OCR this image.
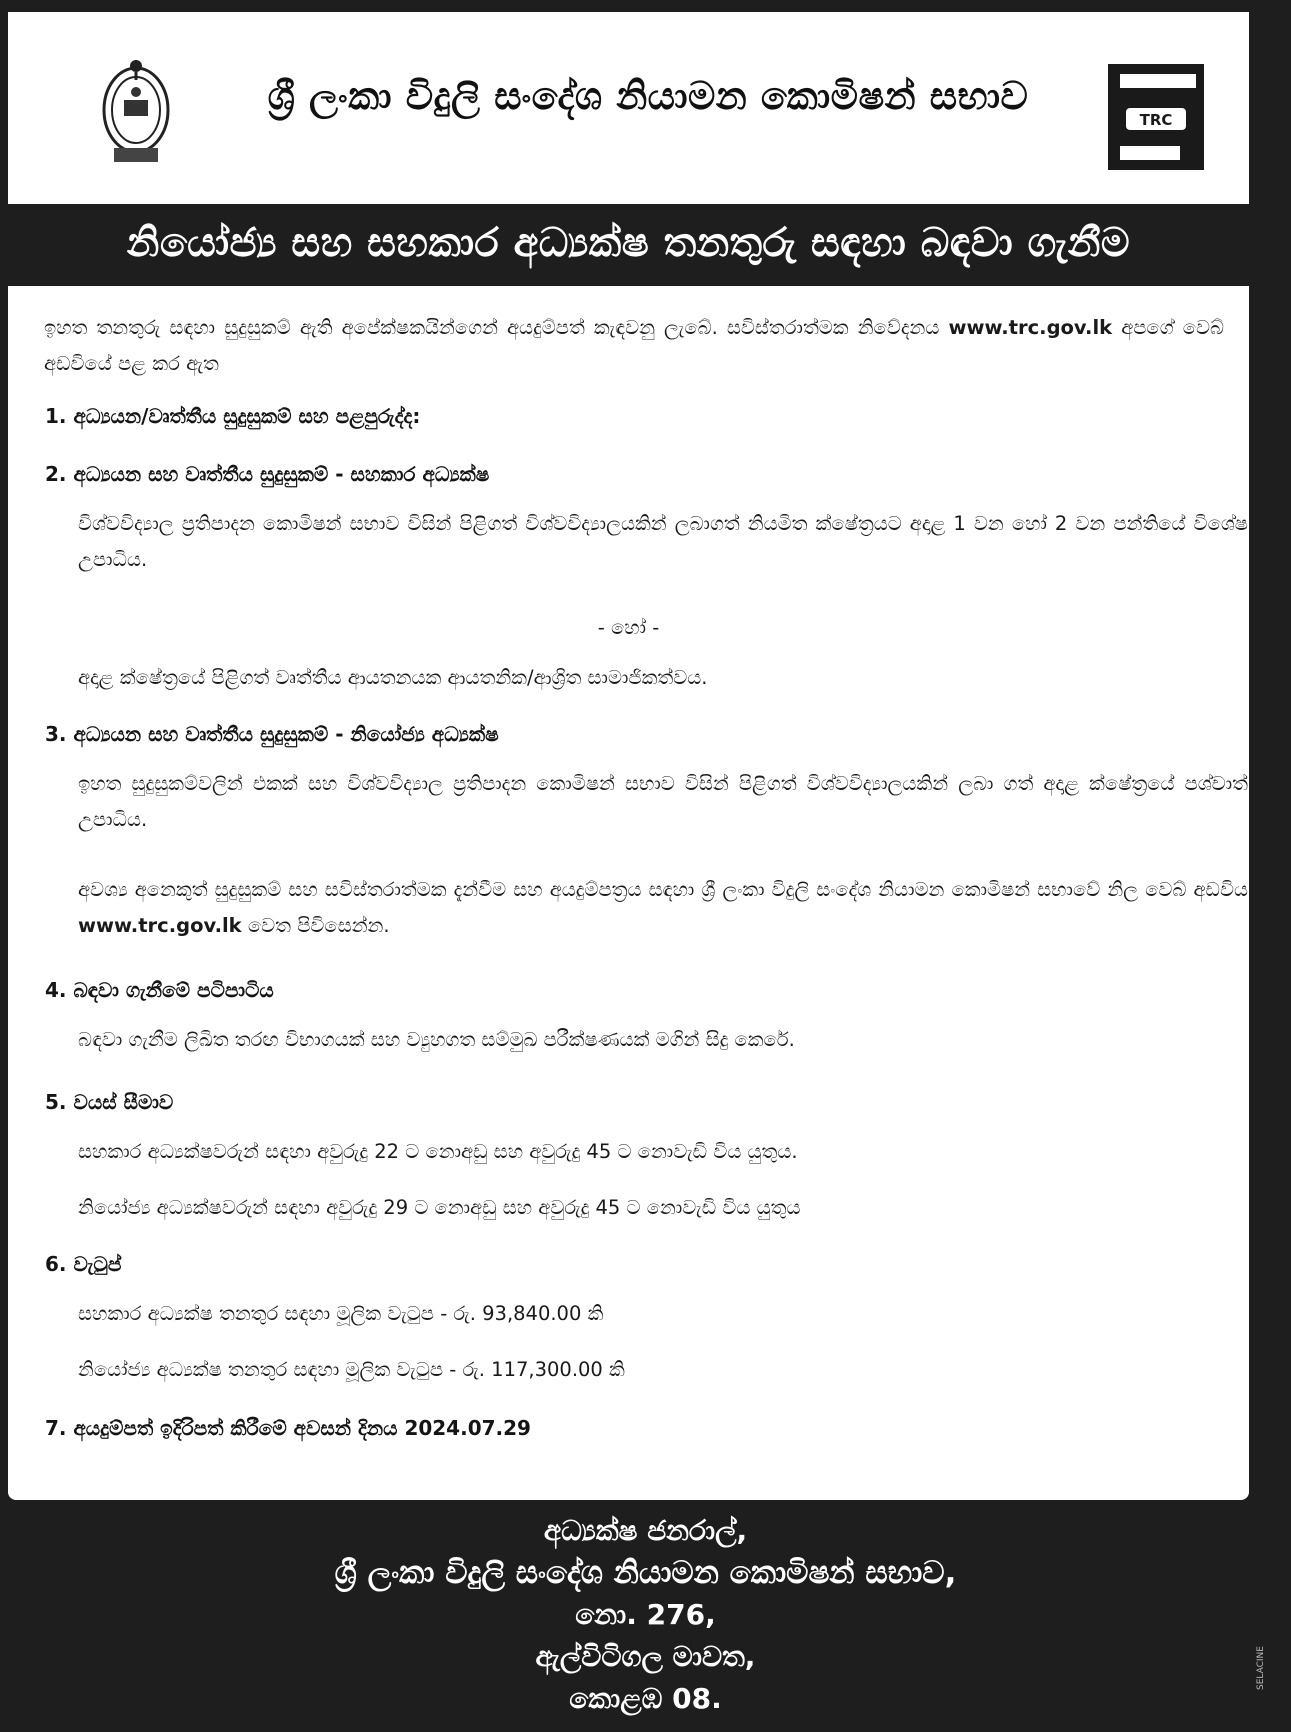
ශ්‍රී ලංකා විදුලි සංදේශ නියාමන කොමිෂන් සභාව
TRC
නියෝජ්‍ය සහ සහකාර අධ්‍යක්ෂ තනතුරු සඳහා බඳවා ගැනීම
ඉහත තනතුරු සඳහා සුදුසුකම් ඇති අපේක්ෂකයින්ගෙන් අයදුම්පත් කැඳවනු ලැබේ. සවිස්තරාත්මක නිවේදනය www.trc.gov.lk අපගේ වෙබ් අඩවියේ පළ කර ඇත
1. අධ්‍යයන/වෘත්තීය සුදුසුකම් සහ පළපුරුද්ද:
2. අධ්‍යයන සහ වෘත්තීය සුදුසුකම් - සහකාර අධ්‍යක්ෂ
විශ්වවිද්‍යාල ප්‍රතිපාදන කොමිෂන් සභාව විසින් පිළිගත් විශ්වවිද්‍යාලයකින් ලබාගත් නියමිත ක්ෂේත්‍රයට අදාළ 1 වන හෝ 2 වන පන්තියේ විශේෂ උපාධිය.
- හෝ -
අදාළ ක්ෂේත්‍රයේ පිළිගත් වෘත්තීය ආයතනයක ආයතනික/ආශ්‍රිත සාමාජිකත්වය.
3. අධ්‍යයන සහ වෘත්තීය සුදුසුකම් - නියෝජ්‍ය අධ්‍යක්ෂ
ඉහත සුදුසුකම්වලින් එකක් සහ විශ්වවිද්‍යාල ප්‍රතිපාදන කොමිෂන් සභාව විසින් පිළිගත් විශ්වවිද්‍යාලයකින් ලබා ගත් අදාළ ක්ෂේත්‍රයේ පශ්චාත් උපාධිය.
අවශ්‍ය අනෙකුත් සුදුසුකම් සහ සවිස්තරාත්මක දැන්වීම සහ අයදුම්පත්‍රය සඳහා ශ්‍රී ලංකා විදුලි සංදේශ නියාමන කොමිෂන් සභාවේ නිල වෙබ් අඩවිය www.trc.gov.lk වෙත පිවිසෙන්න.
4. බඳවා ගැනීමේ පටිපාටිය
බඳවා ගැනීම ලිඛිත තරඟ විභාගයක් සහ ව්‍යුහගත සම්මුඛ පරීක්ෂණයක් මගින් සිදු කෙරේ.
5. වයස් සීමාව
සහකාර අධ්‍යක්ෂවරුන් සඳහා අවුරුදු 22 ට නොඅඩු සහ අවුරුදු 45 ට නොවැඩි විය යුතුය.
නියෝජ්‍ය අධ්‍යක්ෂවරුන් සඳහා අවුරුදු 29 ට නොඅඩු සහ අවුරුදු 45 ට නොවැඩි විය යුතුය
6. වැටුප්
සහකාර අධ්‍යක්ෂ තනතුර සඳහා මූලික වැටුප - රු. 93,840.00 කි
නියෝජ්‍ය අධ්‍යක්ෂ තනතුර සඳහා මූලික වැටුප - රු. 117,300.00 කි
7. අයදුම්පත් ඉදිරිපත් කිරීමේ අවසන් දිනය 2024.07.29
අධ්‍යක්ෂ ජනරාල්,
ශ්‍රී ලංකා විදුලි සංදේශ නියාමන කොමිෂන් සභාව,
නො. 276,
ඇල්විටිගල මාවත,
කොළඹ 08.
SELACINE
